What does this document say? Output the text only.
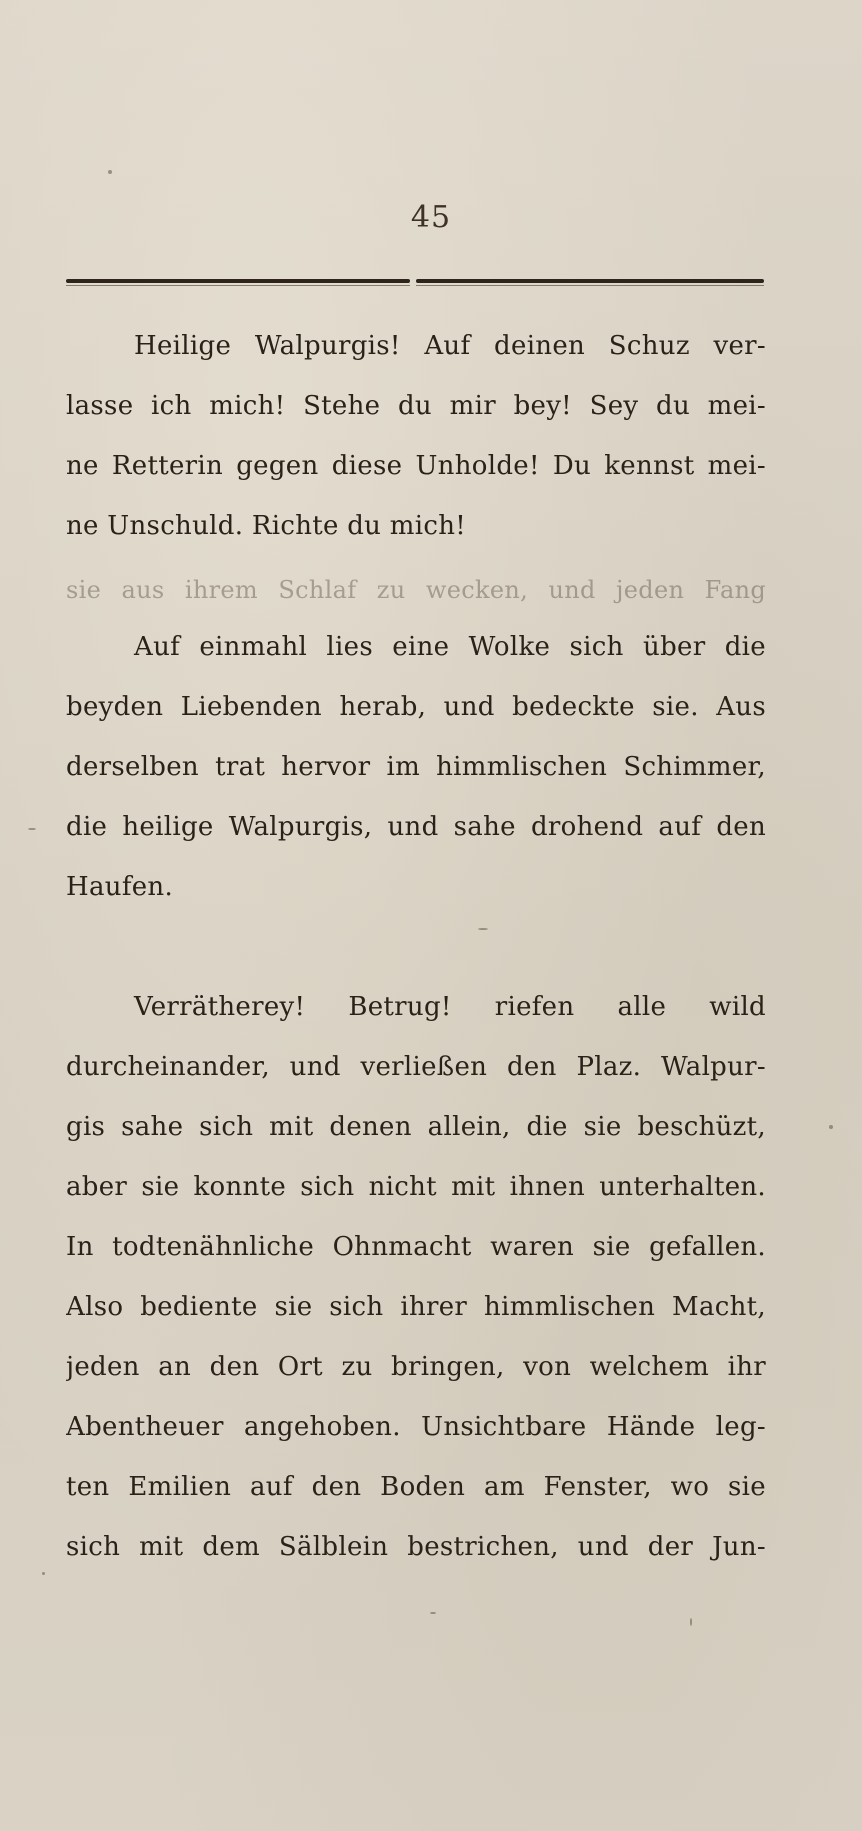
45
Heilige Walpurgis! Auf deinen Schuz ver-
lasse ich mich! Stehe du mir bey! Sey du mei-
ne Retterin gegen diese Unholde! Du kennst mei-
ne Unschuld. Richte du mich!
sie aus ihrem Schlaf zu wecken, und jeden Fang
Auf einmahl lies eine Wolke sich über die
beyden Liebenden herab, und bedeckte sie. Aus
derselben trat hervor im himmlischen Schimmer,
die heilige Walpurgis, und sahe drohend auf den
Haufen.
Verrätherey! Betrug! riefen alle wild
durcheinander, und verließen den Plaz. Walpur-
gis sahe sich mit denen allein, die sie beschüzt,
aber sie konnte sich nicht mit ihnen unterhalten.
In todtenähnliche Ohnmacht waren sie gefallen.
Also bediente sie sich ihrer himmlischen Macht,
jeden an den Ort zu bringen, von welchem ihr
Abentheuer angehoben. Unsichtbare Hände leg-
ten Emilien auf den Boden am Fenster, wo sie
sich mit dem Sälblein bestrichen, und der Jun-
